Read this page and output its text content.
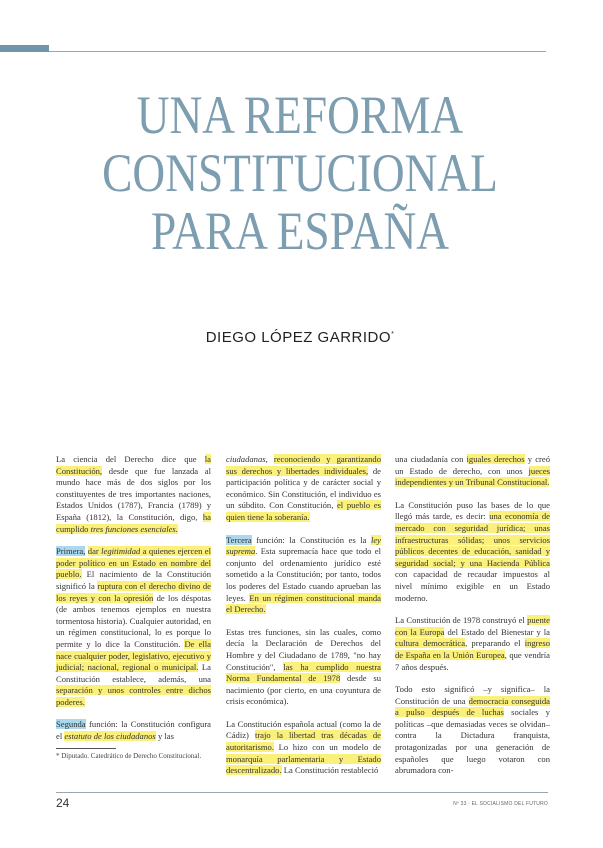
UNA REFORMA
CONSTITUCIONAL
PARA ESPAÑA
DIEGO LÓPEZ GARRIDO*

La ciencia del Derecho dice que la Constitución, desde que fue lanzada al mundo hace más de dos siglos por los constituyentes de tres importantes naciones, Estados Unidos (1787), Francia (1789) y España (1812), la Constitución, digo, ha cumplido tres funciones esenciales.

Primera, dar legitimidad a quienes ejercen el poder político en un Estado en nombre del pueblo. El nacimiento de la Constitución significó la ruptura con el derecho divino de los reyes y con la opresión de los déspotas (de ambos tenemos ejemplos en nuestra tormentosa historia). Cualquier autoridad, en un régimen constitucional, lo es porque lo permite y lo dice la Constitución. De ella nace cualquier poder, legislativo, ejecutivo y judicial; nacional, regional o municipal. La Constitución establece, además, una separación y unos controles entre dichos poderes.

Segunda función: la Constitución configura el estatuto de los ciudadanos y las

ciudadanas, reconociendo y garantizando sus derechos y libertades individuales, de participación política y de carácter social y económico. Sin Constitución, el individuo es un súbdito. Con Constitución, el pueblo es quien tiene la soberanía.

Tercera función: la Constitución es la ley suprema. Esta supremacía hace que todo el conjunto del ordenamiento jurídico esté sometido a la Constitución; por tanto, todos los poderes del Estado cuando aprueban las leyes. En un régimen constitucional manda el Derecho.

Estas tres funciones, sin las cuales, como decía la Declaración de Derechos del Hombre y del Ciudadano de 1789, "no hay Constitución", las ha cumplido nuestra Norma Fundamental de 1978 desde su nacimiento (por cierto, en una coyuntura de crisis económica).

La Constitución española actual (como la de Cádiz) trajo la libertad tras décadas de autoritarismo. Lo hizo con un modelo de monarquía parlamentaria y Estado descentralizado. La Constitución restableció

una ciudadanía con iguales derechos y creó un Estado de derecho, con unos jueces independientes y un Tribunal Constitucional.

La Constitución puso las bases de lo que llegó más tarde, es decir: una economía de mercado con seguridad jurídica; unas infraestructuras sólidas; unos servicios públicos decentes de educación, sanidad y seguridad social; y una Hacienda Pública con capacidad de recaudar impuestos al nivel mínimo exigible en un Estado moderno.

La Constitución de 1978 construyó el puente con la Europa del Estado del Bienestar y la cultura democrática, preparando el ingreso de España en la Unión Europea, que vendría 7 años después.

Todo esto significó –y significa– la Constitución de una democracia conseguida a pulso después de luchas sociales y políticas –que demasiadas veces se olvidan– contra la Dictadura franquista, protagonizadas por una generación de españoles que luego votaron con abrumadora con-

* Diputado. Catedrático de Derecho Constitucional.
24	Nº 33 · EL SOCIALISMO DEL FUTURO
